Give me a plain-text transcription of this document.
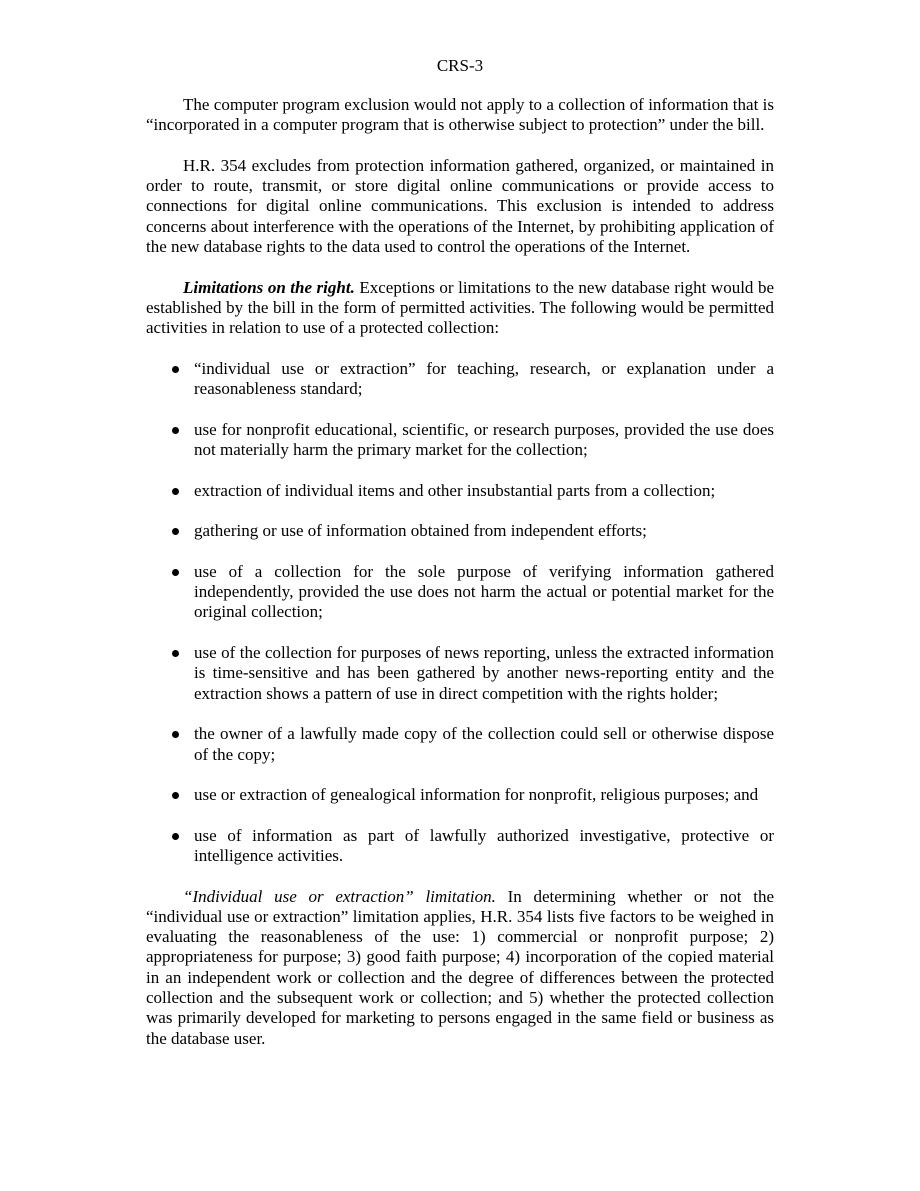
CRS-3

The computer program exclusion would not apply to a collection of information that is “incorporated in a computer program that is otherwise subject to protection” under the bill.

H.R. 354 excludes from protection information gathered, organized, or maintained in order to route, transmit, or store digital online communications or provide access to connections for digital online communications. This exclusion is intended to address concerns about interference with the operations of the Internet, by prohibiting application of the new database rights to the data used to control the operations of the Internet.

Limitations on the right. Exceptions or limitations to the new database right would be established by the bill in the form of permitted activities. The following would be permitted activities in relation to use of a protected collection:

“individual use or extraction” for teaching, research, or explanation under a reasonableness standard;
use for nonprofit educational, scientific, or research purposes, provided the use does not materially harm the primary market for the collection;
extraction of individual items and other insubstantial parts from a collection;
gathering or use of information obtained from independent efforts;
use of a collection for the sole purpose of verifying information gathered independently, provided the use does not harm the actual or potential market for the original collection;
use of the collection for purposes of news reporting, unless the extracted information is time-sensitive and has been gathered by another news-reporting entity and the extraction shows a pattern of use in direct competition with the rights holder;
the owner of a lawfully made copy of the collection could sell or otherwise dispose of the copy;
use or extraction of genealogical information for nonprofit, religious purposes; and
use of information as part of lawfully authorized investigative, protective or intelligence activities.

“Individual use or extraction” limitation. In determining whether or not the “individual use or extraction” limitation applies, H.R. 354 lists five factors to be weighed in evaluating the reasonableness of the use: 1) commercial or nonprofit purpose; 2) appropriateness for purpose; 3) good faith purpose; 4) incorporation of the copied material in an independent work or collection and the degree of differences between the protected collection and the subsequent work or collection; and 5) whether the protected collection was primarily developed for marketing to persons engaged in the same field or business as the database user.
